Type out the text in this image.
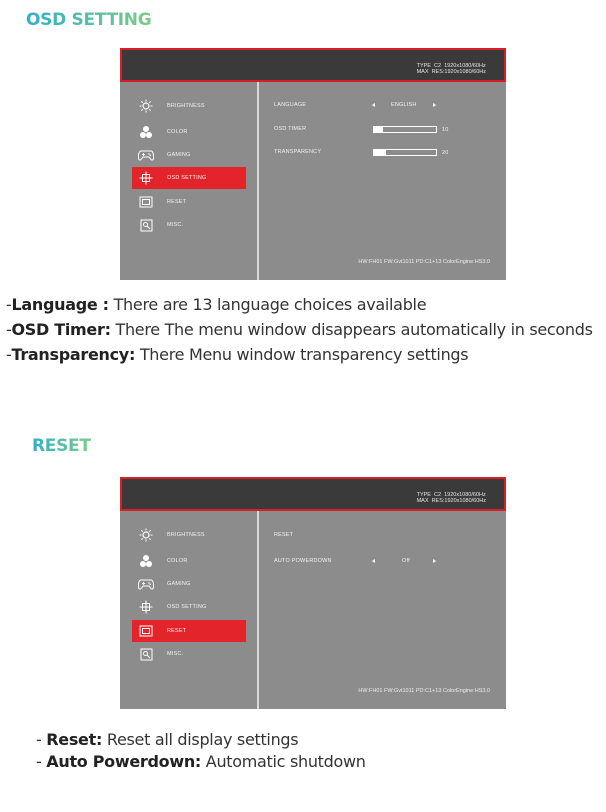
OSD SETTING
TYPE  C2  1920x1080/60Hz
MAX  RES:1920x1080/60Hz
BRIGHTNESS
COLOR
GAMING
OSD SETTING
RESET
MISC.
LANGUAGE	ENGLISH
OSD TIMER	10
TRANSPARENCY	20
HW:FH01 FW:Gvt1011 PD:C1+13 ColorEngine:HS3.0
-Language : There are 13 language choices available
-OSD Timer: There The menu window disappears automatically in seconds
-Transparency: There Menu window transparency settings
RESET
TYPE  C2  1920x1080/60Hz
MAX  RES:1920x1080/60Hz
BRIGHTNESS
COLOR
GAMING
OSD SETTING
RESET
MISC.
RESET
AUTO POWERDOWN	Off
HW:FH01 FW:Gvt1011 PD:C1+13 ColorEngine:HS3.0
- Reset: Reset all display settings
- Auto Powerdown: Automatic shutdown
